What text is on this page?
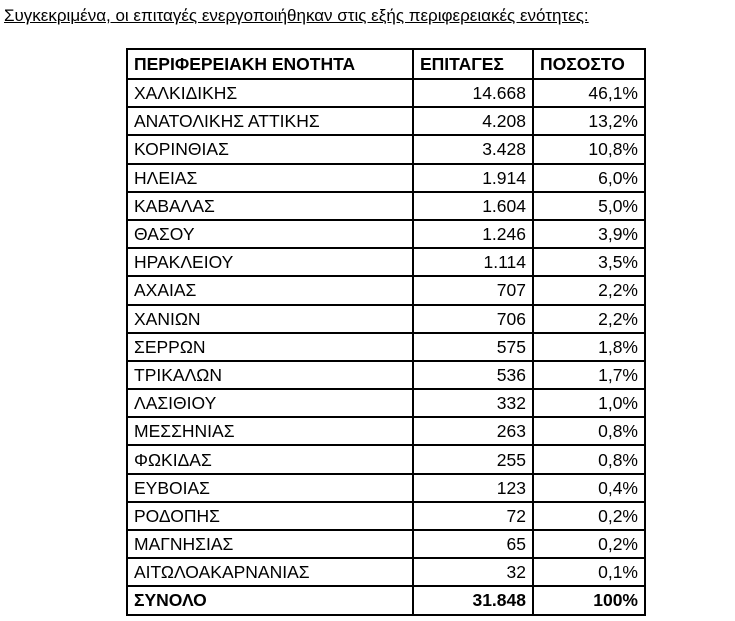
Συγκεκριμένα, οι επιταγές ενεργοποιήθηκαν στις εξής περιφερειακές ενότητες:
ΠΕΡΙΦΕΡΕΙΑΚΗ ΕΝΟΤΗΤΑ	ΕΠΙΤΑΓΕΣ	ΠΟΣΟΣΤΟ
ΧΑΛΚΙΔΙΚΗΣ	14.668	46,1%
ΑΝΑΤΟΛΙΚΗΣ ΑΤΤΙΚΗΣ	4.208	13,2%
ΚΟΡΙΝΘΙΑΣ	3.428	10,8%
ΗΛΕΙΑΣ	1.914	6,0%
ΚΑΒΑΛΑΣ	1.604	5,0%
ΘΑΣΟΥ	1.246	3,9%
ΗΡΑΚΛΕΙΟΥ	1.114	3,5%
ΑΧΑΙΑΣ	707	2,2%
ΧΑΝΙΩΝ	706	2,2%
ΣΕΡΡΩΝ	575	1,8%
ΤΡΙΚΑΛΩΝ	536	1,7%
ΛΑΣΙΘΙΟΥ	332	1,0%
ΜΕΣΣΗΝΙΑΣ	263	0,8%
ΦΩΚΙΔΑΣ	255	0,8%
ΕΥΒΟΙΑΣ	123	0,4%
ΡΟΔΟΠΗΣ	72	0,2%
ΜΑΓΝΗΣΙΑΣ	65	0,2%
ΑΙΤΩΛΟΑΚΑΡΝΑΝΙΑΣ	32	0,1%
ΣΥΝΟΛΟ	31.848	100%
